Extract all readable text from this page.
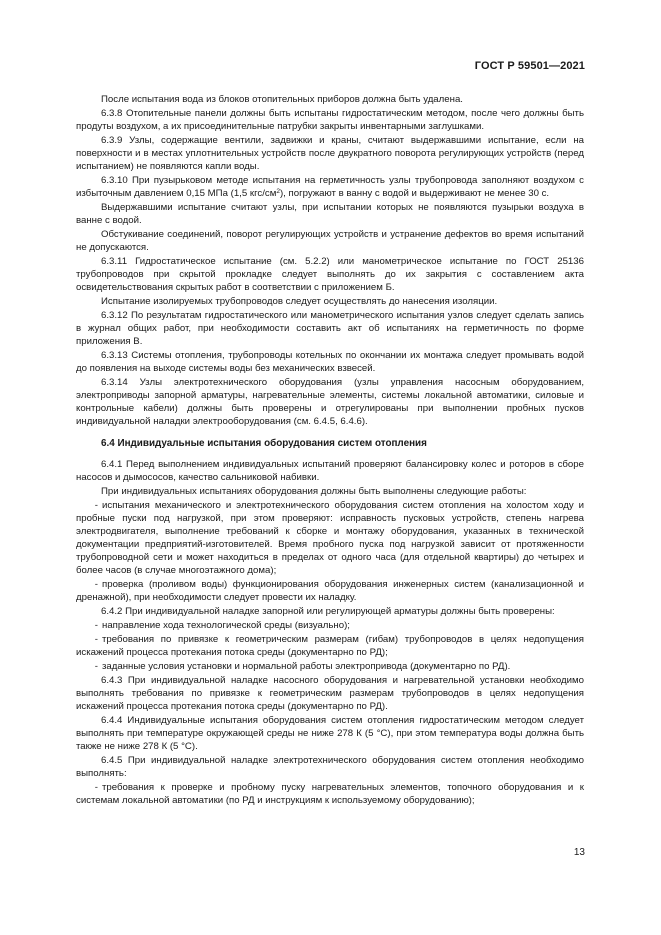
ГОСТ Р 59501—2021

После испытания вода из блоков отопительных приборов должна быть удалена.

6.3.8 Отопительные панели должны быть испытаны гидростатическим методом, после чего должны быть продуты воздухом, а их присоединительные патрубки закрыты инвентарными заглушками.

6.3.9 Узлы, содержащие вентили, задвижки и краны, считают выдержавшими испытание, если на поверхности и в местах уплотнительных устройств после двукратного поворота регулирующих устройств (перед испытанием) не появляются капли воды.

6.3.10 При пузырьковом методе испытания на герметичность узлы трубопровода заполняют воздухом с избыточным давлением 0,15 МПа (1,5 кгс/$см^2$), погружают в ванну с водой и выдерживают не менее 30 с.

Выдержавшими испытание считают узлы, при испытании которых не появляются пузырьки воздуха в ванне с водой.

Обстукивание соединений, поворот регулирующих устройств и устранение дефектов во время испытаний не допускаются.

6.3.11 Гидростатическое испытание (см. 5.2.2) или манометрическое испытание по ГОСТ 25136 трубопроводов при скрытой прокладке следует выполнять до их закрытия с составлением акта освидетельствования скрытых работ в соответствии с приложением Б.

Испытание изолируемых трубопроводов следует осуществлять до нанесения изоляции.

6.3.12 По результатам гидростатического или манометрического испытания узлов следует сделать запись в журнал общих работ, при необходимости составить акт об испытаниях на герметичность по форме приложения В.

6.3.13 Системы отопления, трубопроводы котельных по окончании их монтажа следует промывать водой до появления на выходе системы воды без механических взвесей.

6.3.14 Узлы электротехнического оборудования (узлы управления насосным оборудованием, электроприводы запорной арматуры, нагревательные элементы, системы локальной автоматики, силовые и контрольные кабели) должны быть проверены и отрегулированы при выполнении пробных пусков индивидуальной наладки электрооборудования (см. 6.4.5, 6.4.6).

6.4 Индивидуальные испытания оборудования систем отопления

6.4.1 Перед выполнением индивидуальных испытаний проверяют балансировку колес и роторов в сборе насосов и дымососов, качество сальниковой набивки.

При индивидуальных испытаниях оборудования должны быть выполнены следующие работы:

- испытания механического и электротехнического оборудования систем отопления на холостом ходу и пробные пуски под нагрузкой, при этом проверяют: исправность пусковых устройств, степень нагрева электродвигателя, выполнение требований к сборке и монтажу оборудования, указанных в технической документации предприятий-изготовителей. Время пробного пуска под нагрузкой зависит от протяженности трубопроводной сети и может находиться в пределах от одного часа (для отдельной квартиры) до четырех и более часов (в случае многоэтажного дома);

- проверка (проливом воды) функционирования оборудования инженерных систем (канализационной и дренажной), при необходимости следует провести их наладку.

6.4.2 При индивидуальной наладке запорной или регулирующей арматуры должны быть проверены:

- направление хода технологической среды (визуально);

- требования по привязке к геометрическим размерам (гибам) трубопроводов в целях недопущения искажений процесса протекания потока среды (документарно по РД);

- заданные условия установки и нормальной работы электропривода (документарно по РД).

6.4.3 При индивидуальной наладке насосного оборудования и нагревательной установки необходимо выполнять требования по привязке к геометрическим размерам трубопроводов в целях недопущения искажений процесса протекания потока среды (документарно по РД).

6.4.4 Индивидуальные испытания оборудования систем отопления гидростатическим методом следует выполнять при температуре окружающей среды не ниже 278 К (5 °С), при этом температура воды должна быть также не ниже 278 К (5 °С).

6.4.5 При индивидуальной наладке электротехнического оборудования систем отопления необходимо выполнять:

- требования к проверке и пробному пуску нагревательных элементов, топочного оборудования и к системам локальной автоматики (по РД и инструкциям к используемому оборудованию);

13
